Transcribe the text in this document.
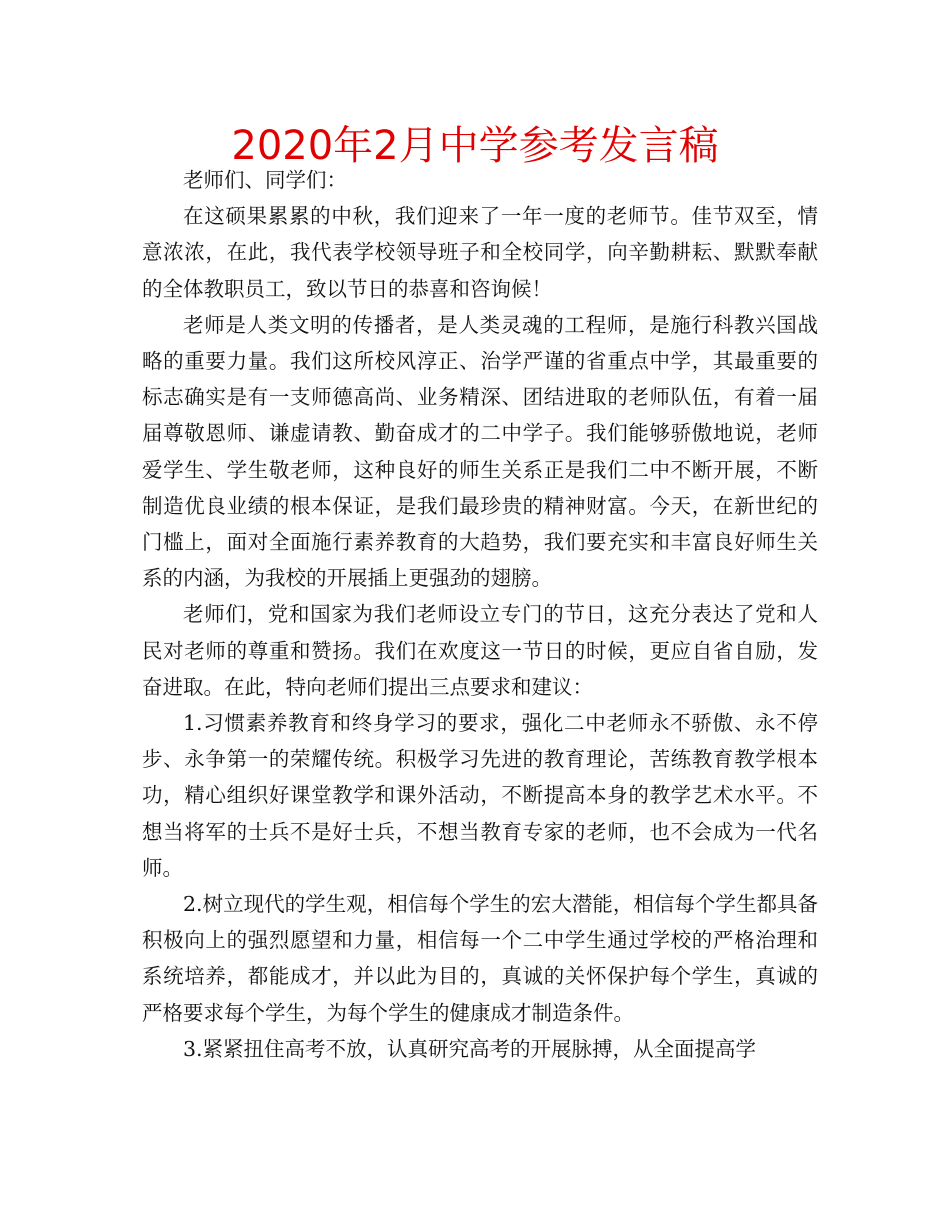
2020年2月中学参考发言稿

老师们、同学们：

在这硕果累累的中秋，我们迎来了一年一度的老师节。佳节双至，情意浓浓，在此，我代表学校领导班子和全校同学，向辛勤耕耘、默默奉献的全体教职员工，致以节日的恭喜和咨询候！

老师是人类文明的传播者，是人类灵魂的工程师，是施行科教兴国战略的重要力量。我们这所校风淳正、治学严谨的省重点中学，其最重要的标志确实是有一支师德高尚、业务精深、团结进取的老师队伍，有着一届届尊敬恩师、谦虚请教、勤奋成才的二中学子。我们能够骄傲地说，老师爱学生、学生敬老师，这种良好的师生关系正是我们二中不断开展，不断制造优良业绩的根本保证，是我们最珍贵的精神财富。今天，在新世纪的门槛上，面对全面施行素养教育的大趋势，我们要充实和丰富良好师生关系的内涵，为我校的开展插上更强劲的翅膀。

老师们，党和国家为我们老师设立专门的节日，这充分表达了党和人民对老师的尊重和赞扬。我们在欢度这一节日的时候，更应自省自励，发奋进取。在此，特向老师们提出三点要求和建议：

1.习惯素养教育和终身学习的要求，强化二中老师永不骄傲、永不停步、永争第一的荣耀传统。积极学习先进的教育理论，苦练教育教学根本功，精心组织好课堂教学和课外活动，不断提高本身的教学艺术水平。不想当将军的士兵不是好士兵，不想当教育专家的老师，也不会成为一代名师。

2.树立现代的学生观，相信每个学生的宏大潜能，相信每个学生都具备积极向上的强烈愿望和力量，相信每一个二中学生通过学校的严格治理和系统培养，都能成才，并以此为目的，真诚的关怀保护每个学生，真诚的严格要求每个学生，为每个学生的健康成才制造条件。

3.紧紧扭住高考不放，认真研究高考的开展脉搏，从全面提高学
